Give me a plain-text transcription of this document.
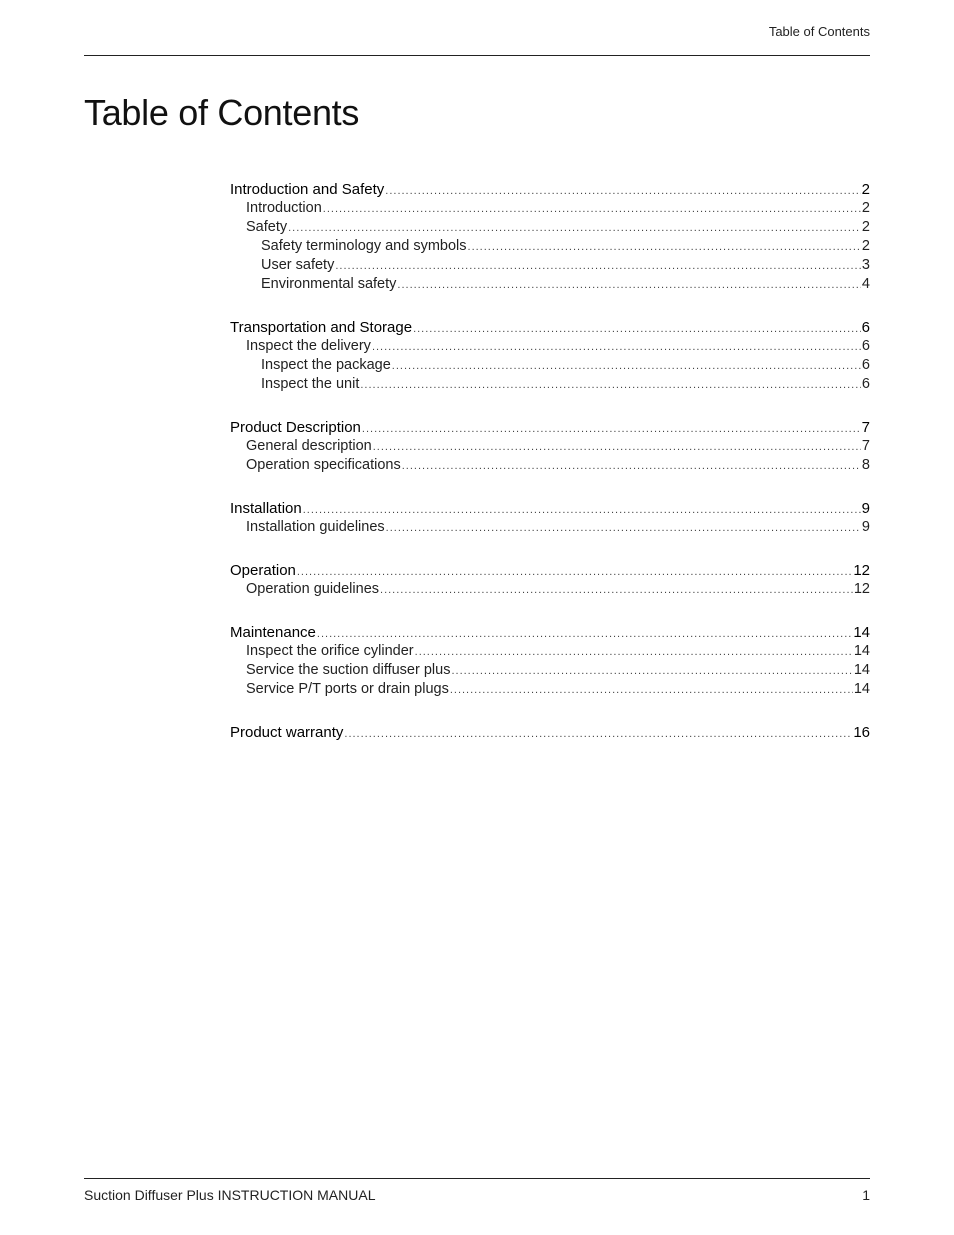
Table of Contents
Table of Contents
Introduction and Safety .....	2
Introduction .....	2
Safety .....	2
Safety terminology and symbols .....	2
User safety .....	3
Environmental safety .....	4
Transportation and Storage .....	6
Inspect the delivery .....	6
Inspect the package .....	6
Inspect the unit .....	6
Product Description .....	7
General description .....	7
Operation specifications .....	8
Installation .....	9
Installation guidelines .....	9
Operation .....	12
Operation guidelines .....	12
Maintenance .....	14
Inspect the orifice cylinder .....	14
Service the suction diffuser plus .....	14
Service P/T ports or drain plugs .....	14
Product warranty .....	16
Suction Diffuser Plus INSTRUCTION MANUAL	1
